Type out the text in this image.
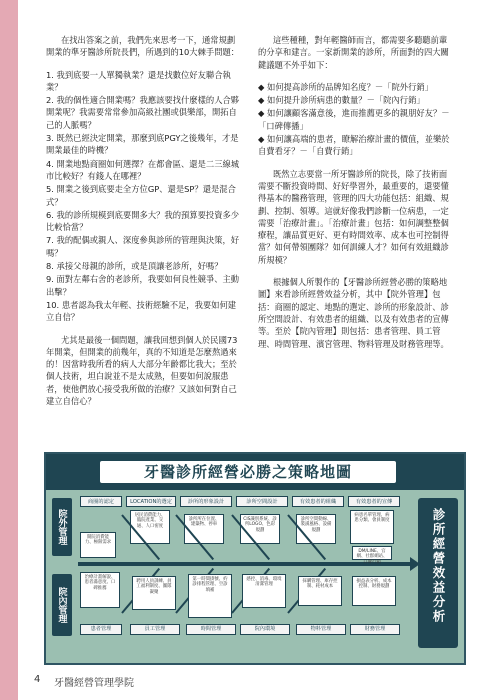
在找出答案之前，我們先來思考一下，通常規劃開業的準牙醫診所院長們，所遇到的10大棘手問題：

1. 我到底要一人單獨執業？還是找數位好友聯合執業？
2. 我的個性適合開業嗎？我應該要找什麼樣的人合夥開業呢？我需要常常參加高級社團或俱樂部，開拓自己的人脈嗎？
3. 既然已經決定開業，那麼到底PGY之後幾年，才是開業最佳的時機？
4. 開業地點商圈如何選擇？在都會區、還是二三線城市比較好？有錢人在哪裡？
5. 開業之後到底要走全方位GP、還是SP？還是混合式？
6. 我的診所規模到底要開多大？我的預算要投資多少比較恰當？
7. 我的配偶或親人、深度參與診所的管理與決策，好嗎？
8. 承接父母親的診所，或是頂讓老診所，好嗎？
9. 面對左鄰右舍的老診所，我要如何良性競爭、主動出擊？
10. 患者認為我太年輕、技術經驗不足，我要如何建立自信？

尤其是最後一個問題，讓我回想到個人於民國73年開業，但開業的前幾年，真的不知道是怎麼熬過來的！因當時我所看的病人大部分年齡都比我大；至於個人技術，坦白說並不是太成熟，但要如何說服患者，使他們放心接受我所做的治療？又該如何對自己建立自信心？

這些種種，對年輕醫師而言，都需要多聽聽前輩的分享和建言。一家新開業的診所，所面對的四大關鍵議題不外乎如下：

◆ 如何提高診所的品牌知名度？－「院外行銷」
◆ 如何提升診所病患的數量？－「院內行銷」
◆ 如何讓顧客滿意後，進而推薦更多的親朋好友？－「口碑傳播」
◆ 如何讓高端的患者，瞭解治療計畫的價值，並樂於自費看牙？－「自費行銷」

既然立志要當一所牙醫診所的院長，除了技術面需要不斷投資時間、好好學習外，最重要的，還要懂得基本的醫務管理，管理的四大功能包括：組織、規劃、控制、領導。這就好像我們診斷一位病患，一定需要「治療計畫」。「治療計畫」包括：如何調整整個療程，讓品質更好、更有時間效率、成本也可控制得當？如何帶領團隊？如何訓練人才？如何有效組織診所規模？

根據個人所製作的【牙醫診所經營必勝的策略地圖】來看診所經營效益分析，其中【院外管理】包括：商圈的認定、地點的選定、診所的形象設計、診所空間設計、有效患者的組織、以及有效患者的宣傳等。至於【院內管理】則包括：患者管理、員工管理、時間管理、濱宮管理、物料管理及財務管理等。

牙醫診所經營必勝之策略地圖
院外管理
院內管理	診所經營效益分析
商圈的認定	LOCATION的選定	診所的形象設計	診所空間設計	有效患者的組織	有效患者的宣傳
開院消費能力、極限需求
居民消費能力、臨院產業、交通、人口密度
診所所在位置、建築物、停車
CIS識別系統、診所LOGO、色彩規劃
診所空間動線、裝潢風格、設備規劃
病患名單管理、病患分類、會員制度
DM/LINE、官網、社群網站、口碑行銷
治療計畫解說、患者滿意度、口碑推薦
聘用人員訓練、員工福利制度、團隊凝聚
第一時間掛號、約診排程管理、空診填補
感控、消毒、環境清潔管理
採購管理、庫存控制、耗材成本
損益表分析、成本控制、財務規劃
患者管理	員工管理	時間管理	院內環境	物料管理	財務管理
4 牙醫經營管理學院
